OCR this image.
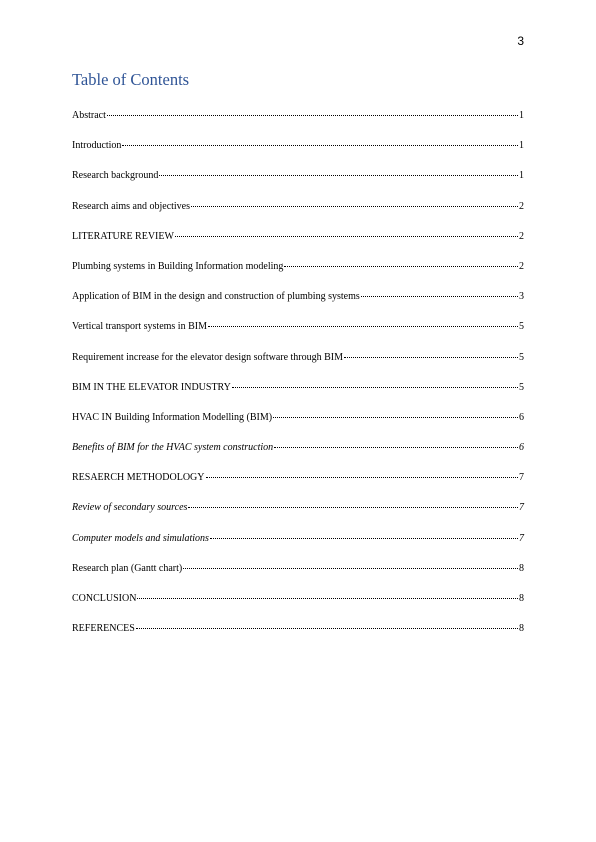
3
Table of Contents
Abstract	1
Introduction	1
Research background	1
Research aims and objectives	2
LITERATURE REVIEW	2
Plumbing systems in Building Information modeling	2
Application of BIM in the design and construction of plumbing systems	3
Vertical transport systems in BIM	5
Requirement increase for the elevator design software through BIM	5
BIM IN THE ELEVATOR INDUSTRY	5
HVAC IN Building Information Modelling (BIM)	6
Benefits of BIM for the HVAC system construction	6
RESAERCH METHODOLOGY	7
Review of secondary sources	7
Computer models and simulations	7
Research plan (Gantt chart)	8
CONCLUSION	8
REFERENCES	8
